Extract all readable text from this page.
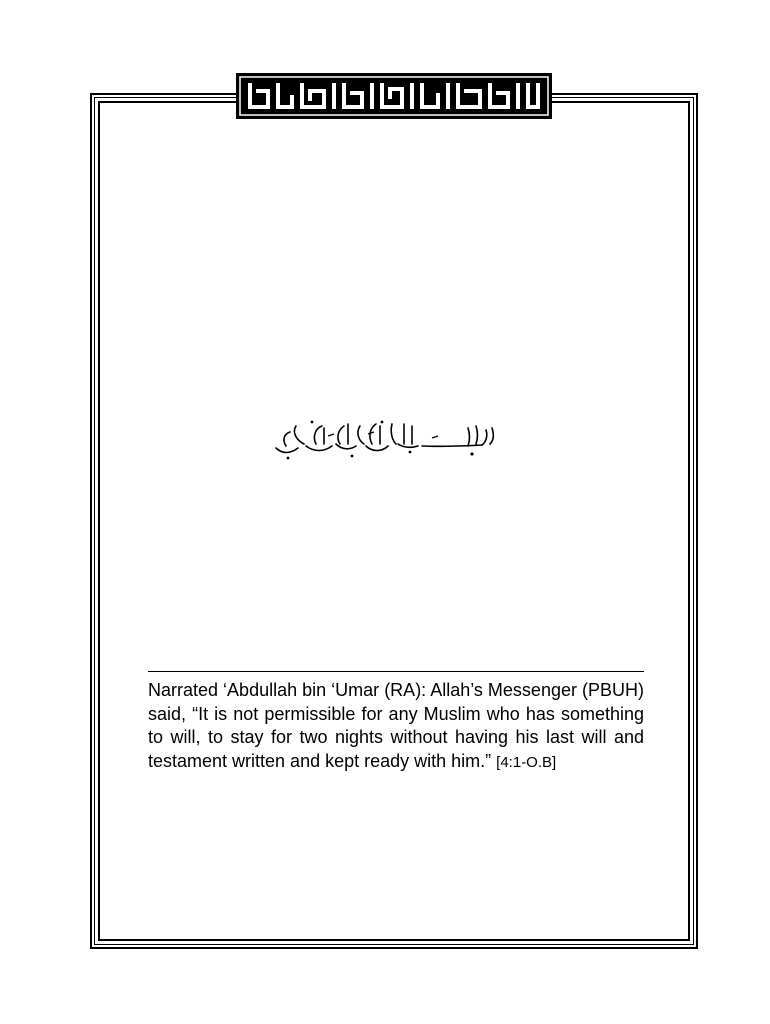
Narrated ‘Abdullah bin ‘Umar (RA): Allah’s Messenger (PBUH) said, “It is not permissible for any Muslim who has something to will, to stay for two nights without having his last will and testament written and kept ready with him.” [4:1-O.B]
